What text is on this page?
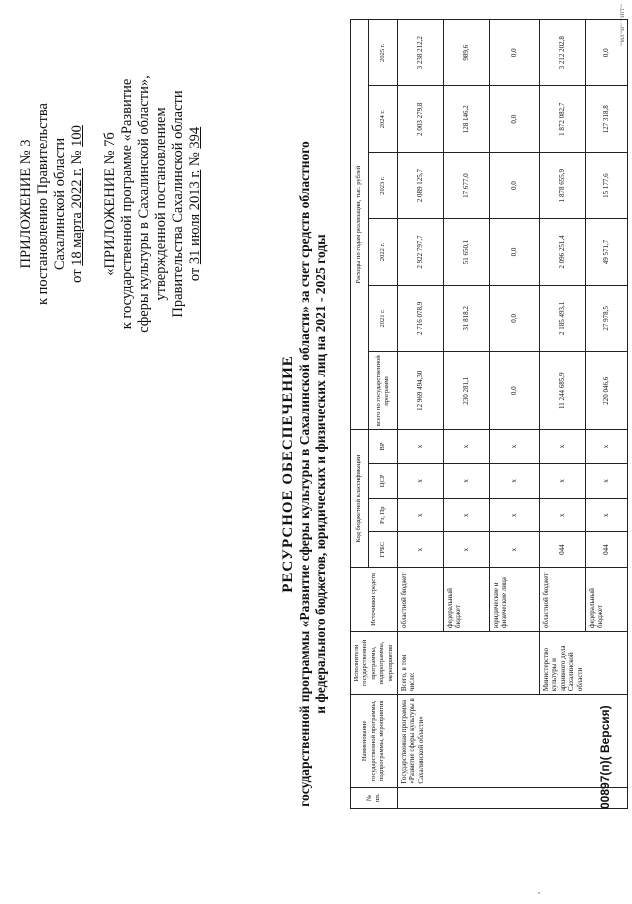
ПРИЛОЖЕНИЕ № 3 к постановлению Правительства Сахалинской области
от 18 марта 2022 г. № 100 «ПРИЛОЖЕНИЕ № 7б к государственной программе «Развитие сферы культуры в Сахалинской области», утвержденной постановлением Правительства Сахалинской области от 31 июля 2013 г. № 394
РЕСУРСНОЕ ОБЕСПЕЧЕНИЕ государственной программы «Развитие сферы культуры в Сахалинской области» за счет средств областного и федерального бюджетов, юридических и физических лиц на 2021 - 2025 годы
№ пп.	Наименование государственной программы, подпрограммы, мероприятия	Исполнители государственной программы, подпрограммы, мероприятия	Источники средств	Код бюджетной классификации				Расходы по годам реализации, тыс. рублей					
				ГРБС	Рз, Пр	ЦСР	ВР	всего по государственной программе	2021 г.	2022 г.	2023 г.	2024 г.	2025 г.
	Государственная программа «Развитие сферы культуры в Сахалинской области»	Всего, в том числе:	областной бюджет	x	x	x	x	12 969 494,30	2 716 078,9	2 922 797,7	2 089 125,7	2 003 279,8	3 238 212,2
			федеральный бюджет	x	x	x	x	230 281,1	31 818,2	51 650,1	17 677,0	128 146,2	989,6
			юридические и физические лица	x	x	x	x	0,0	0,0	0,0	0,0	0,0	0,0
		Министерство культуры и архивного дела Сахалинской области	областной бюджет	044	x	x	x	11 244 685,9	2 185 493,1	2 096 251,4	1 878 655,9	1 872 082,7	3 212 202,8
			федеральный бюджет	044	x	x	x	220 046,6	27 978,5	49 571,7	15 177,6	127 318,8	0,0
00897(п)( Версия)
~мл~и~ ~нтт~
